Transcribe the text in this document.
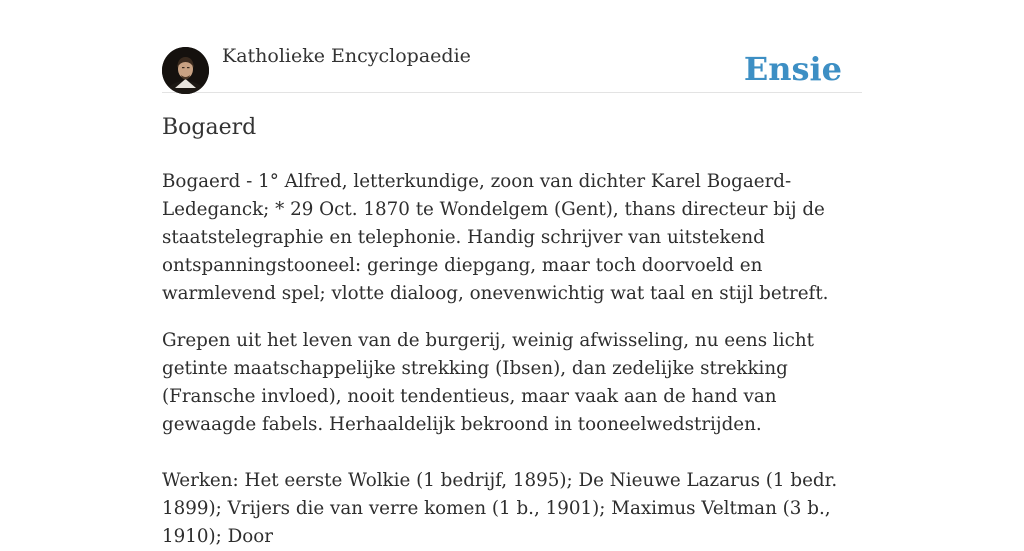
Katholieke Encyclopaedie	Ensie
Bogaerd

Bogaerd - 1° Alfred, letterkundige, zoon van dichter Karel Bogaerd-Ledeganck; * 29 Oct. 1870 te Wondelgem (Gent), thans directeur bij de staatstelegraphie en telephonie. Handig schrijver van uitstekend ontspanningstooneel: geringe diepgang, maar toch doorvoeld en warmlevend spel; vlotte dialoog, onevenwichtig wat taal en stijl betreft.

Grepen uit het leven van de burgerij, weinig afwisseling, nu eens licht getinte maatschappelijke strekking (Ibsen), dan zedelijke strekking (Fransche invloed), nooit tendentieus, maar vaak aan de hand van gewaagde fabels. Herhaaldelijk bekroond in tooneelwedstrijden.

Werken: Het eerste Wolkie (1 bedrijf, 1895); De Nieuwe Lazarus (1 bedr. 1899); Vrijers die van verre komen (1 b., 1901); Maximus Veltman (3 b., 1910); Door
